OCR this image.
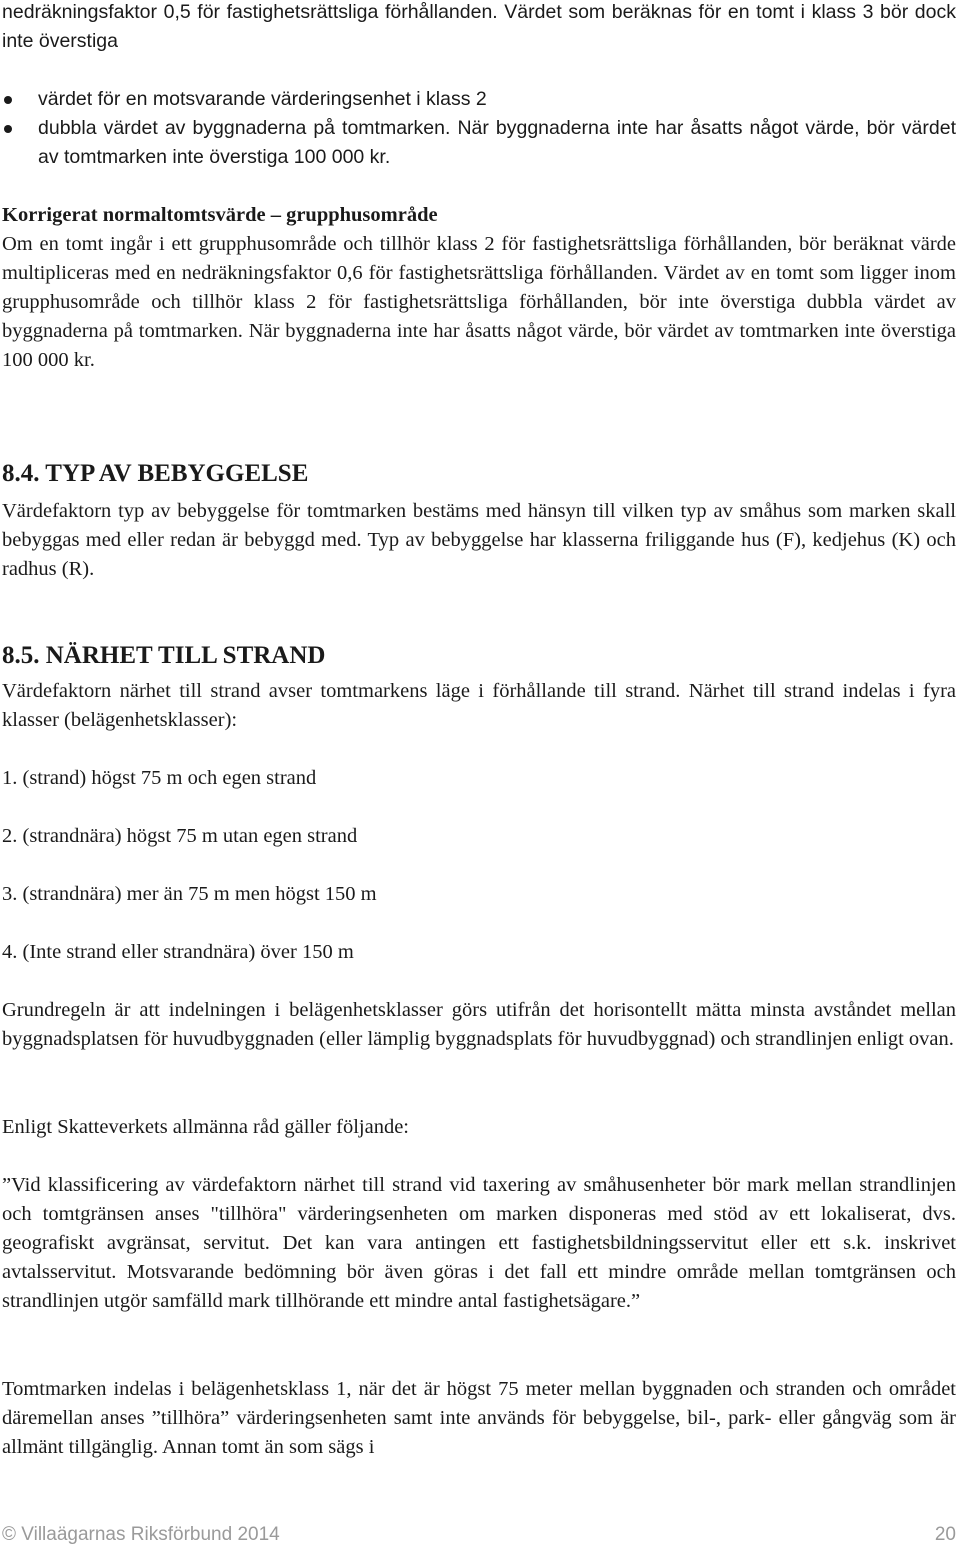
nedräkningsfaktor 0,5 för fastighetsrättsliga förhållanden. Värdet som beräknas för en tomt i klass 3 bör dock inte överstiga

värdet för en motsvarande värderingsenhet i klass 2
dubbla värdet av byggnaderna på tomtmarken. När byggnaderna inte har åsatts något värde, bör värdet av tomtmarken inte överstiga 100 000 kr.

Korrigerat normaltomtsvärde – grupphusområde

Om en tomt ingår i ett grupphusområde och tillhör klass 2 för fastighetsrättsliga förhållanden, bör beräknat värde multipliceras med en nedräkningsfaktor 0,6 för fastighetsrättsliga förhållanden. Värdet av en tomt som ligger inom grupphusområde och tillhör klass 2 för fastighetsrättsliga förhållanden, bör inte överstiga dubbla värdet av byggnaderna på tomtmarken. När byggnaderna inte har åsatts något värde, bör värdet av tomtmarken inte överstiga 100 000 kr.

8.4. TYP AV BEBYGGELSE

Värdefaktorn typ av bebyggelse för tomtmarken bestäms med hänsyn till vilken typ av småhus som marken skall bebyggas med eller redan är bebyggd med. Typ av bebyggelse har klasserna friliggande hus (F), kedjehus (K) och radhus (R).

8.5. NÄRHET TILL STRAND

Värdefaktorn närhet till strand avser tomtmarkens läge i förhållande till strand. Närhet till strand indelas i fyra klasser (belägenhetsklasser):

1. (strand) högst 75 m och egen strand

2. (strandnära) högst 75 m utan egen strand

3. (strandnära) mer än 75 m men högst 150 m

4. (Inte strand eller strandnära) över 150 m

Grundregeln är att indelningen i belägenhetsklasser görs utifrån det horisontellt mätta minsta avståndet mellan byggnadsplatsen för huvudbyggnaden (eller lämplig byggnadsplats för huvudbyggnad) och strandlinjen enligt ovan.

Enligt Skatteverkets allmänna råd gäller följande:

”Vid klassificering av värdefaktorn närhet till strand vid taxering av småhusenheter bör mark mellan strandlinjen och tomtgränsen anses "tillhöra" värderingsenheten om marken disponeras med stöd av ett lokaliserat, dvs. geografiskt avgränsat, servitut. Det kan vara antingen ett fastighetsbildningsservitut eller ett s.k. inskrivet avtalsservitut. Motsvarande bedömning bör även göras i det fall ett mindre område mellan tomtgränsen och strandlinjen utgör samfälld mark tillhörande ett mindre antal fastighetsägare.”

Tomtmarken indelas i belägenhetsklass 1, när det är högst 75 meter mellan byggnaden och stranden och området däremellan anses ”tillhöra” värderingsenheten samt inte används för bebyggelse, bil-, park- eller gångväg som är allmänt tillgänglig. Annan tomt än som sägs i

© Villaägarnas Riksförbund 2014	20
